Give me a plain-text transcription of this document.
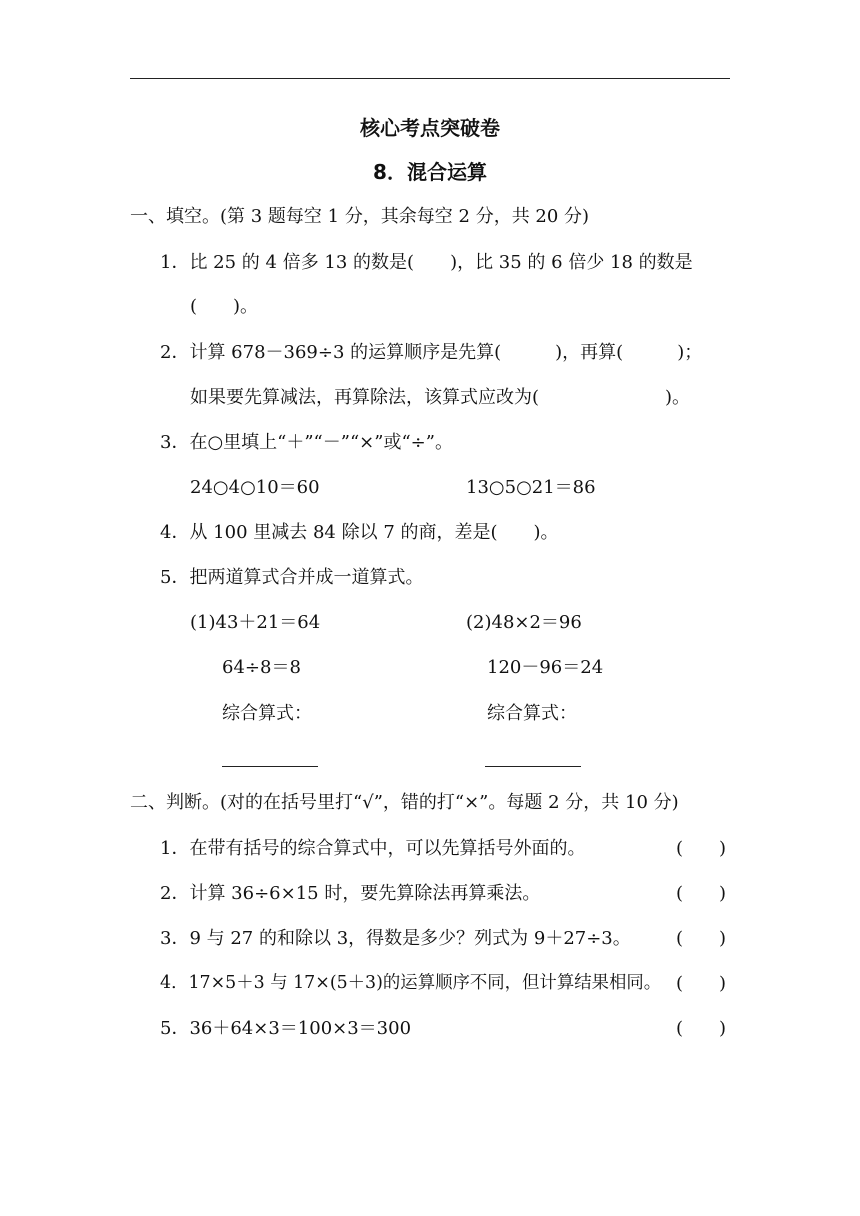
核心考点突破卷
8．混合运算
一、填空。(第 3 题每空 1 分，其余每空 2 分，共 20 分)
1．比 25 的 4 倍多 13 的数是(　　)，比 35 的 6 倍少 18 的数是
(　　)。
2．计算 678－369÷3 的运算顺序是先算(　　　)，再算(　　　)；
如果要先算减法，再算除法，该算式应改为(　　　　　　　)。
3．在○里填上“＋”“－”“×”或“÷”。
24○4○10＝60	13○5○21＝86
4．从 100 里减去 84 除以 7 的商，差是(　　)。
5．把两道算式合并成一道算式。
(1)43＋21＝64
64÷8＝8
综合算式：
(2)48×2＝96
120－96＝24
综合算式：
二、判断。(对的在括号里打“√”，错的打“×”。每题 2 分，共 10 分)
1．在带有括号的综合算式中，可以先算括号外面的。	(　　)
2．计算 36÷6×15 时，要先算除法再算乘法。	(　　)
3．9 与 27 的和除以 3，得数是多少？列式为 9＋27÷3。	(　　)
4．17×5＋3 与 17×(5＋3)的运算顺序不同，但计算结果相同。 (　　)
5．36＋64×3＝100×3＝300	(　　)
